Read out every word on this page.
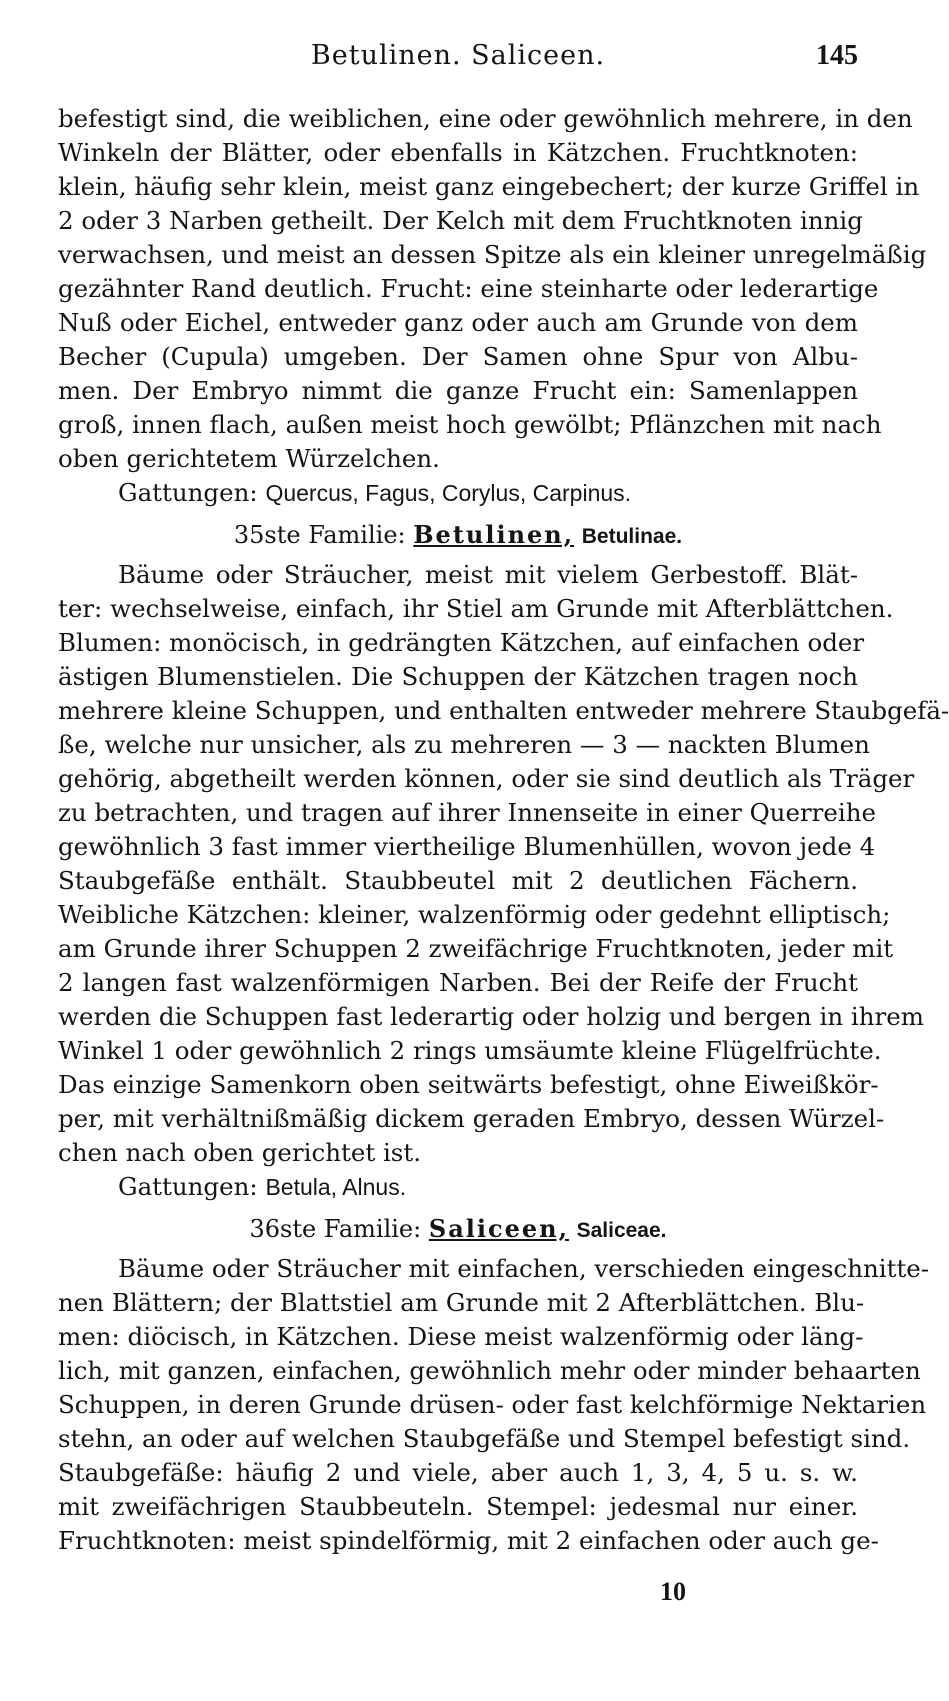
Betulinen. Saliceen.	145
befestigt sind, die weiblichen, eine oder gewöhnlich mehrere, in den
Winkeln der Blätter, oder ebenfalls in Kätzchen. Fruchtknoten:
klein, häufig sehr klein, meist ganz eingebechert; der kurze Griffel in
2 oder 3 Narben getheilt. Der Kelch mit dem Fruchtknoten innig
verwachsen, und meist an dessen Spitze als ein kleiner unregelmäßig
gezähnter Rand deutlich. Frucht: eine steinharte oder lederartige
Nuß oder Eichel, entweder ganz oder auch am Grunde von dem
Becher (Cupula) umgeben. Der Samen ohne Spur von Albu-
men. Der Embryo nimmt die ganze Frucht ein: Samenlappen
groß, innen flach, außen meist hoch gewölbt; Pflänzchen mit nach
oben gerichtetem Würzelchen.
Gattungen: Quercus, Fagus, Corylus, Carpinus.
35ste Familie: Betulinen, Betulinae.
Bäume oder Sträucher, meist mit vielem Gerbestoff. Blät-
ter: wechselweise, einfach, ihr Stiel am Grunde mit Afterblättchen.
Blumen: monöcisch, in gedrängten Kätzchen, auf einfachen oder
ästigen Blumenstielen. Die Schuppen der Kätzchen tragen noch
mehrere kleine Schuppen, und enthalten entweder mehrere Staubgefä-
ße, welche nur unsicher, als zu mehreren — 3 — nackten Blumen
gehörig, abgetheilt werden können, oder sie sind deutlich als Träger
zu betrachten, und tragen auf ihrer Innenseite in einer Querreihe
gewöhnlich 3 fast immer viertheilige Blumenhüllen, wovon jede 4
Staubgefäße enthält. Staubbeutel mit 2 deutlichen Fächern.
Weibliche Kätzchen: kleiner, walzenförmig oder gedehnt elliptisch;
am Grunde ihrer Schuppen 2 zweifächrige Fruchtknoten, jeder mit
2 langen fast walzenförmigen Narben. Bei der Reife der Frucht
werden die Schuppen fast lederartig oder holzig und bergen in ihrem
Winkel 1 oder gewöhnlich 2 rings umsäumte kleine Flügelfrüchte.
Das einzige Samenkorn oben seitwärts befestigt, ohne Eiweißkör-
per, mit verhältnißmäßig dickem geraden Embryo, dessen Würzel-
chen nach oben gerichtet ist.
Gattungen: Betula, Alnus.
36ste Familie: Saliceen, Saliceae.
Bäume oder Sträucher mit einfachen, verschieden eingeschnitte-
nen Blättern; der Blattstiel am Grunde mit 2 Afterblättchen. Blu-
men: diöcisch, in Kätzchen. Diese meist walzenförmig oder läng-
lich, mit ganzen, einfachen, gewöhnlich mehr oder minder behaarten
Schuppen, in deren Grunde drüsen- oder fast kelchförmige Nektarien
stehn, an oder auf welchen Staubgefäße und Stempel befestigt sind.
Staubgefäße: häufig 2 und viele, aber auch 1, 3, 4, 5 u. s. w.
mit zweifächrigen Staubbeuteln. Stempel: jedesmal nur einer.
Fruchtknoten: meist spindelförmig, mit 2 einfachen oder auch ge-
10
